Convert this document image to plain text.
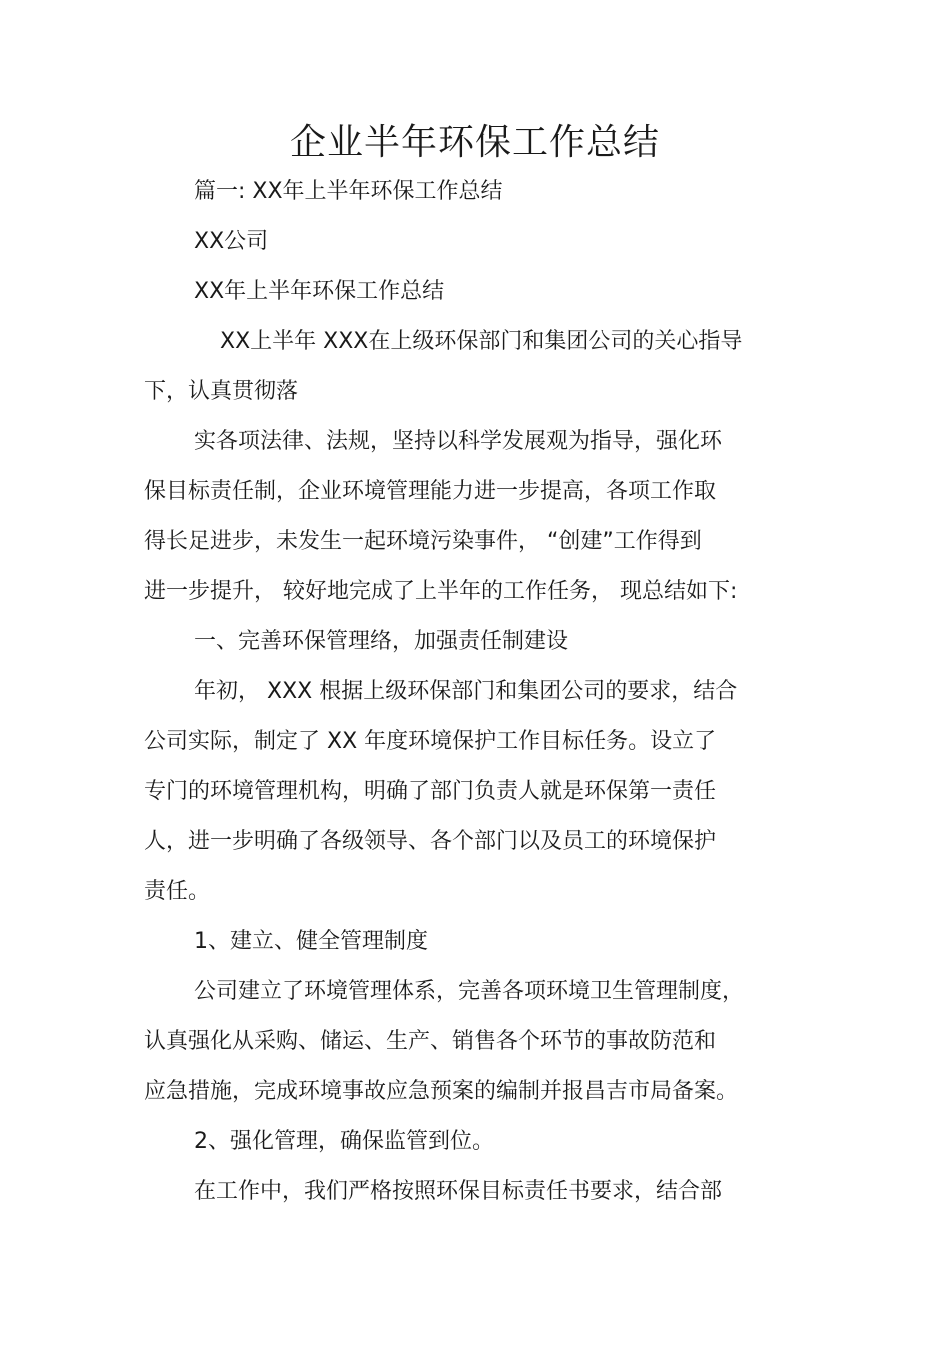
企业半年环保工作总结
篇一: XX年上半年环保工作总结
XX公司
XX年上半年环保工作总结
XX上半年 XXX在上级环保部门和集团公司的关心指导
下，认真贯彻落
实各项法律、法规，坚持以科学发展观为指导，强化环
保目标责任制，企业环境管理能力进一步提高，各项工作取
得长足进步，未发生一起环境污染事件， “创建”工作得到
进一步提升， 较好地完成了上半年的工作任务， 现总结如下:
一、完善环保管理络，加强责任制建设
年初， XXX 根据上级环保部门和集团公司的要求，结合
公司实际，制定了 XX 年度环境保护工作目标任务。设立了
专门的环境管理机构，明确了部门负责人就是环保第一责任
人，进一步明确了各级领导、各个部门以及员工的环境保护
责任。
1、建立、健全管理制度
公司建立了环境管理体系，完善各项环境卫生管理制度，
认真强化从采购、储运、生产、销售各个环节的事故防范和
应急措施，完成环境事故应急预案的编制并报昌吉市局备案。
2、强化管理，确保监管到位。
在工作中，我们严格按照环保目标责任书要求，结合部
